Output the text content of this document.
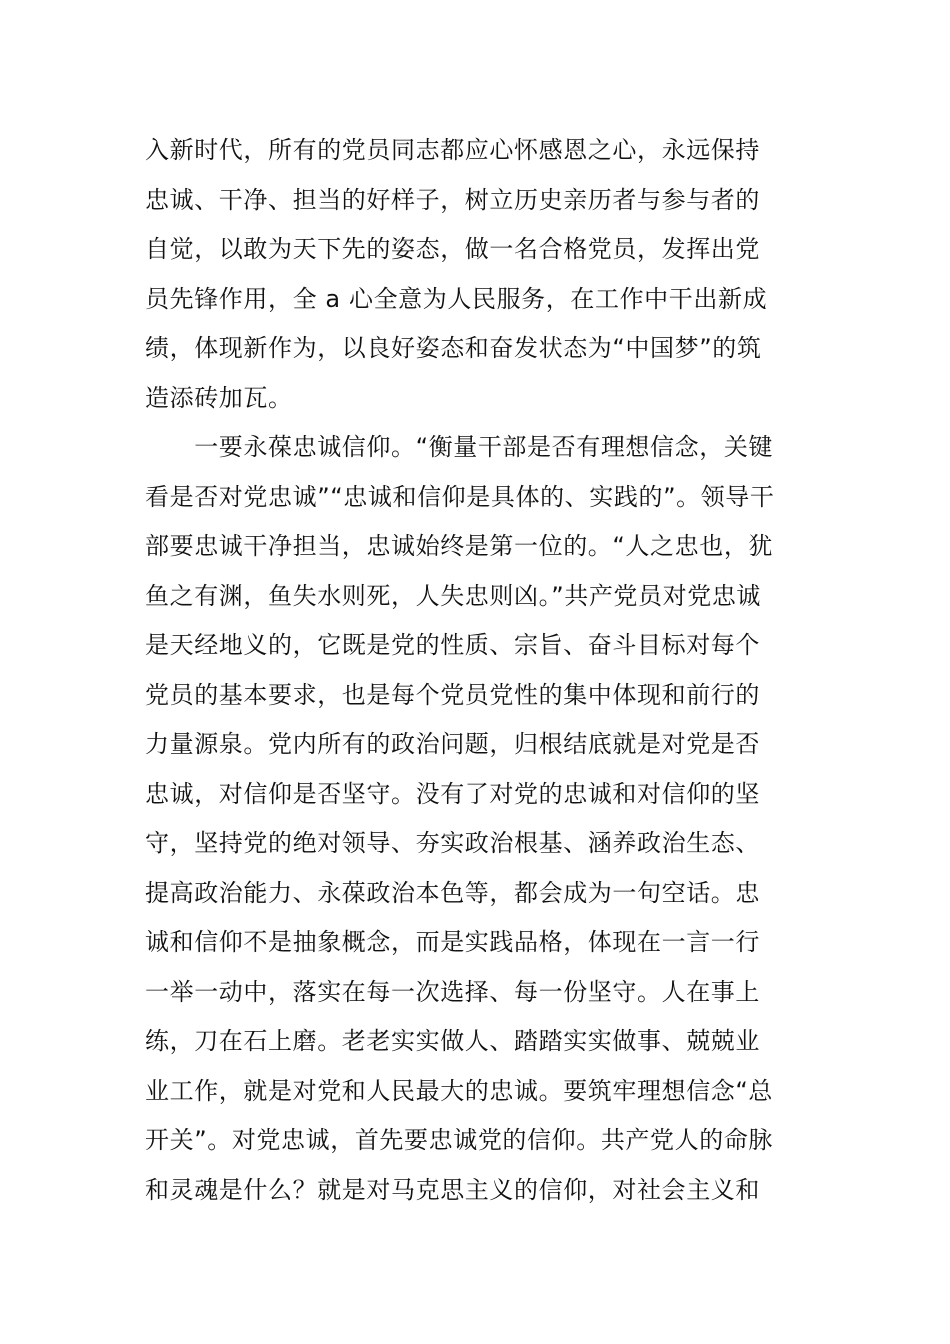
入新时代，所有的党员同志都应心怀感恩之心，永远保持
忠诚、干净、担当的好样子，树立历史亲历者与参与者的
自觉，以敢为天下先的姿态，做一名合格党员，发挥出党
员先锋作用，全 a 心全意为人民服务，在工作中干出新成
绩，体现新作为，以良好姿态和奋发状态为“中国梦”的筑
造添砖加瓦。
　　一要永葆忠诚信仰。“衡量干部是否有理想信念，关键
看是否对党忠诚”“忠诚和信仰是具体的、实践的”。领导干
部要忠诚干净担当，忠诚始终是第一位的。“人之忠也，犹
鱼之有渊，鱼失水则死，人失忠则凶。”共产党员对党忠诚
是天经地义的，它既是党的性质、宗旨、奋斗目标对每个
党员的基本要求，也是每个党员党性的集中体现和前行的
力量源泉。党内所有的政治问题，归根结底就是对党是否
忠诚，对信仰是否坚守。没有了对党的忠诚和对信仰的坚
守，坚持党的绝对领导、夯实政治根基、涵养政治生态、
提高政治能力、永葆政治本色等，都会成为一句空话。忠
诚和信仰不是抽象概念，而是实践品格，体现在一言一行
一举一动中，落实在每一次选择、每一份坚守。人在事上
练，刀在石上磨。老老实实做人、踏踏实实做事、兢兢业
业工作，就是对党和人民最大的忠诚。要筑牢理想信念“总
开关”。对党忠诚，首先要忠诚党的信仰。共产党人的命脉
和灵魂是什么？就是对马克思主义的信仰，对社会主义和
